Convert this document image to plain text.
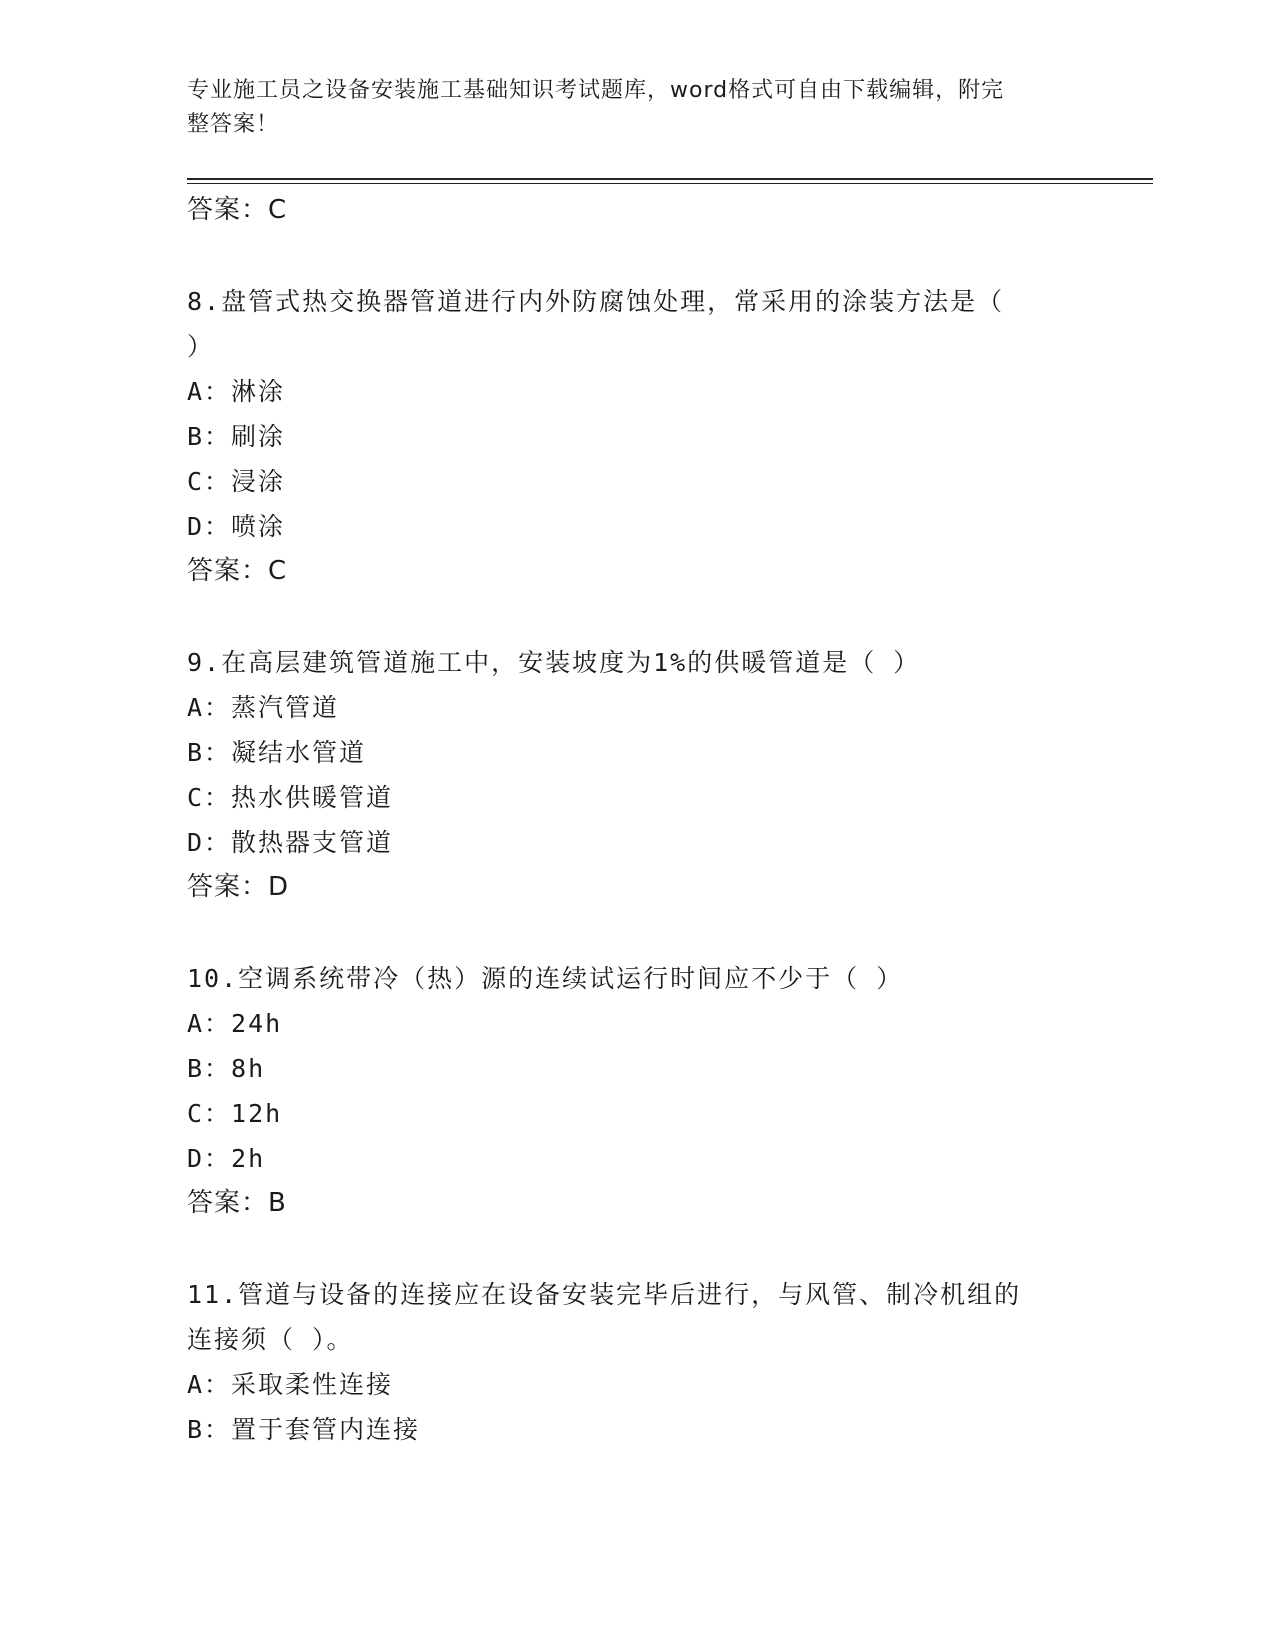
专业施工员之设备安装施工基础知识考试题库，word格式可自由下载编辑，附完
整答案！
答案：C
8.盘管式热交换器管道进行内外防腐蚀处理，常采用的涂装方法是（
）
A：淋涂
B：刷涂
C：浸涂
D：喷涂
答案：C
9.在高层建筑管道施工中，安装坡度为1%的供暖管道是（ ）
A：蒸汽管道
B：凝结水管道
C：热水供暖管道
D：散热器支管道
答案：D
10.空调系统带冷（热）源的连续试运行时间应不少于（ ）
A：24h
B：8h
C：12h
D：2h
答案：B
11.管道与设备的连接应在设备安装完毕后进行，与风管、制冷机组的
连接须（ ）。
A：采取柔性连接
B：置于套管内连接
